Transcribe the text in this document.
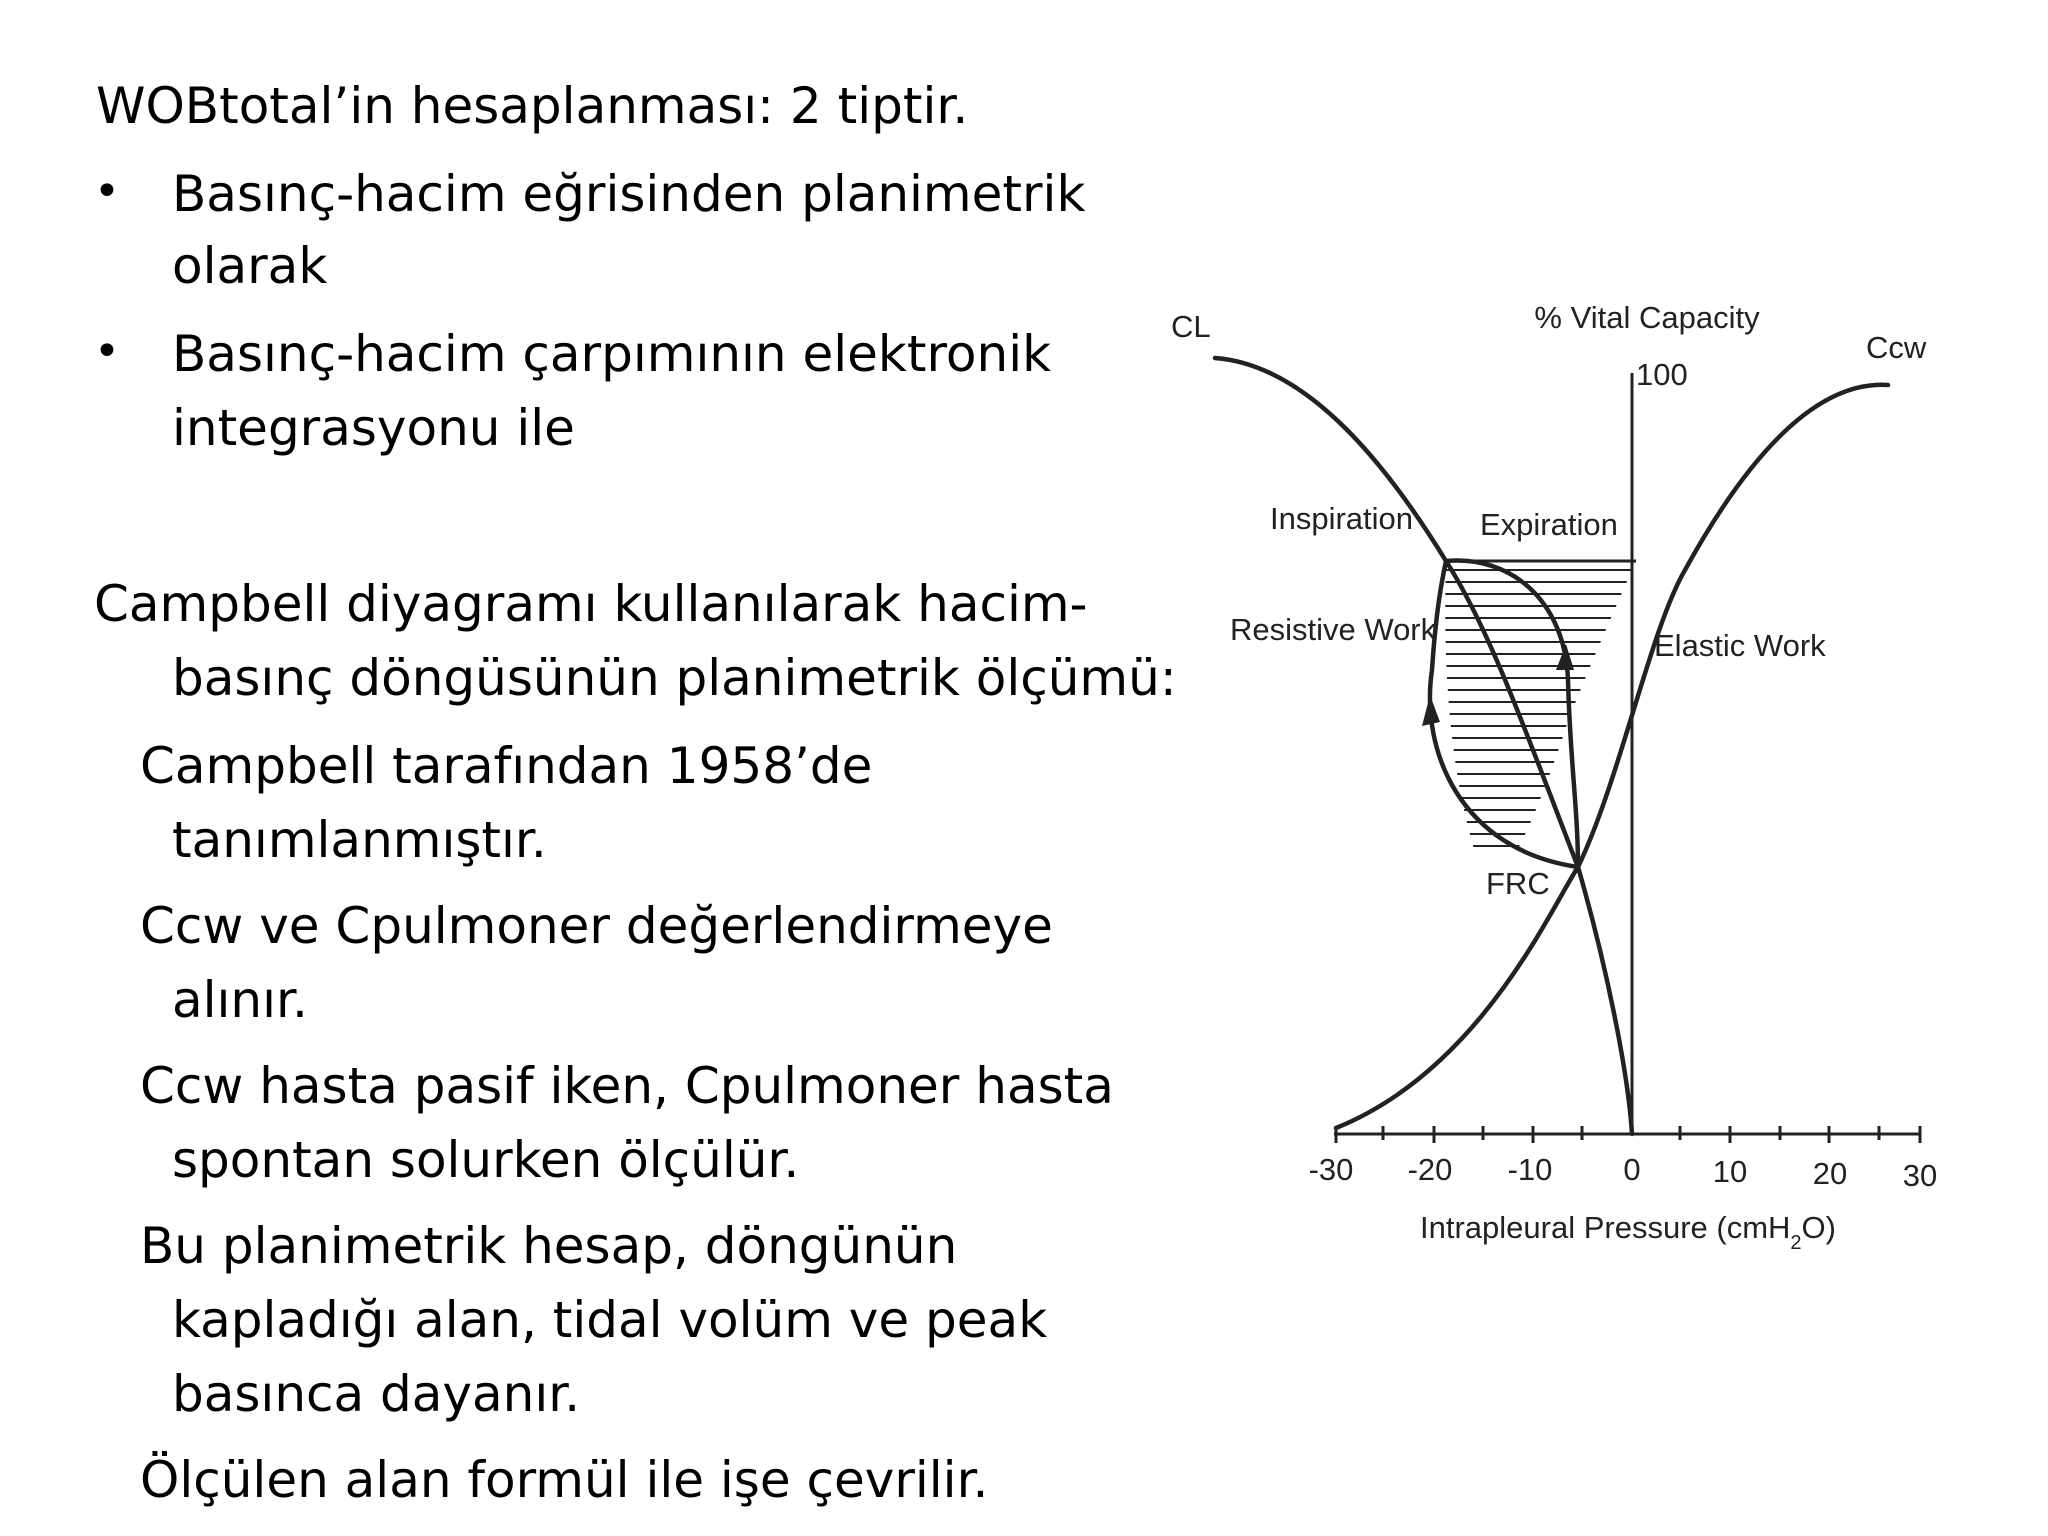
WOBtotal’in hesaplanması: 2 tiptir.
• Basınç-hacim eğrisinden planimetrik
olarak
• Basınç-hacim çarpımının elektronik
integrasyonu ile
Campbell diyagramı kullanılarak hacim-
basınç döngüsünün planimetrik ölçümü:
Campbell tarafından 1958’de
tanımlanmıştır.
Ccw ve Cpulmoner değerlendirmeye
alınır.
Ccw hasta pasif iken, Cpulmoner hasta
spontan solurken ölçülür.
Bu planimetrik hesap, döngünün
kapladığı alan, tidal volüm ve peak
basınca dayanır.
Ölçülen alan formül ile işe çevrilir.
-30 -20 -10 0 10 20 30
Intrapleural Pressure (cmH$_2$O)
% Vital Capacity
100
CL
Ccw
Inspiration Expiration
Resistive Work	Elastic Work
FRC
